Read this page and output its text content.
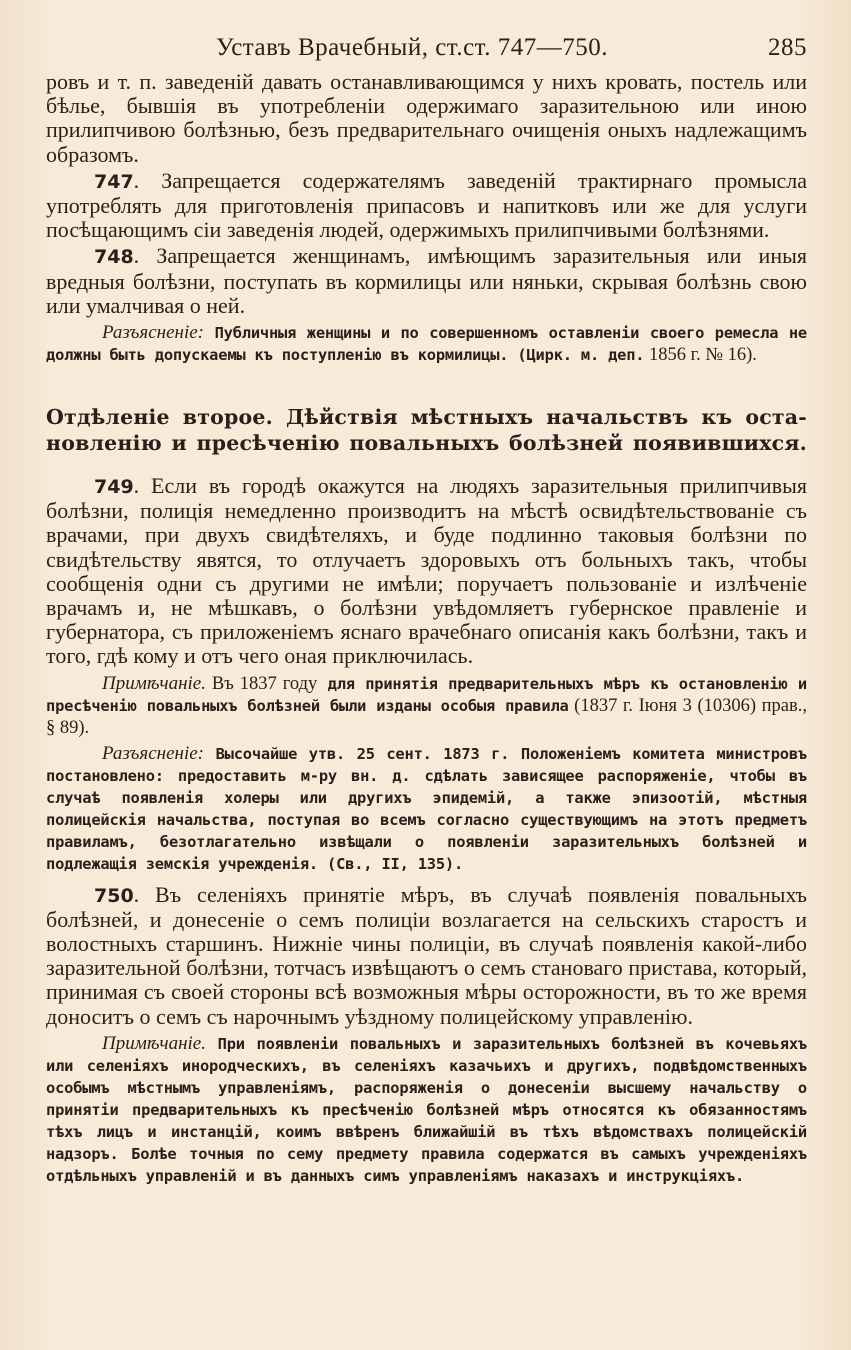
Уставъ Врачебный, ст.ст. 747—750.	285

ровъ и т. п. заведеній давать останавливающимся у нихъ кровать, постель или бѣлье, бывшія въ употребленіи одержимаго заразительною или иною прилипчивою болѣзнью, безъ предварительнаго очищенія оныхъ надлежащимъ образомъ.

747. Запрещается содержателямъ заведеній трактирнаго промысла употреблять для приготовленія припасовъ и напитковъ или же для услуги посѣщающимъ сіи заведенія людей, одержимыхъ прилипчивыми болѣзнями.

748. Запрещается женщинамъ, имѣющимъ заразительныя или иныя вредныя болѣзни, поступать въ кормилицы или няньки, скрывая болѣзнь свою или умалчивая о ней.

Разъясненіе: Публичныя женщины и по совершенномъ оставленіи своего ремесла не должны быть допускаемы къ поступленію въ кормилицы. (Цирк. м. деп. 1856 г. № 16).

Отдѣленіе второе. Дѣйствія мѣстныхъ начальствъ къ оста-
новленію и пресѣченію повальныхъ болѣзней появившихся.

749. Если въ городѣ окажутся на людяхъ заразительныя прилипчивыя болѣзни, полиція немедленно производитъ на мѣстѣ освидѣтельствованіе съ врачами, при двухъ свидѣтеляхъ, и буде подлинно таковыя болѣзни по свидѣтельству явятся, то отлучаетъ здоровыхъ отъ больныхъ такъ, чтобы сообщенія одни съ другими не имѣли; поручаетъ пользованіе и излѣченіе врачамъ и, не мѣшкавъ, о болѣзни увѣдомляетъ губернское правленіе и губернатора, съ приложеніемъ яснаго врачебнаго описанія какъ болѣзни, такъ и того, гдѣ кому и отъ чего оная приключилась.

Примѣчаніе. Въ 1837 году для принятія предварительныхъ мѣръ къ остановленію и пресѣченію повальныхъ болѣзней были изданы особыя правила (1837 г. Іюня 3 (10306) прав., § 89).

Разъясненіе: Высочайше утв. 25 сент. 1873 г. Положеніемъ комитета министровъ постановлено: предоставить м-ру вн. д. сдѣлать зависящее распоряженіе, чтобы въ случаѣ появленія холеры или другихъ эпидемій, а также эпизоотій, мѣстныя полицейскія начальства, поступая во всемъ согласно существующимъ на этотъ предметъ правиламъ, безотлагательно извѣщали о появленіи заразительныхъ болѣзней и подлежащія земскія учрежденія. (Св., II, 135).

750. Въ селеніяхъ принятіе мѣръ, въ случаѣ появленія повальныхъ болѣзней, и донесеніе о семъ полиціи возлагается на сельскихъ старостъ и волостныхъ старшинъ. Нижніе чины полиціи, въ случаѣ появленія какой-либо заразительной болѣзни, тотчасъ извѣщаютъ о семъ становаго пристава, который, принимая съ своей стороны всѣ возможныя мѣры осторожности, въ то же время доноситъ о семъ съ нарочнымъ уѣздному полицейскому управленію.

Примѣчаніе. При появленіи повальныхъ и заразительныхъ болѣзней въ кочевьяхъ или селеніяхъ инородческихъ, въ селеніяхъ казачьихъ и другихъ, подвѣдомственныхъ особымъ мѣстнымъ управленіямъ, распоряженія о донесеніи высшему начальству о принятіи предварительныхъ къ пресѣченію болѣзней мѣръ относятся къ обязанностямъ тѣхъ лицъ и инстанцій, коимъ ввѣренъ ближайшій въ тѣхъ вѣдомствахъ полицейскій надзоръ. Болѣе точныя по сему предмету правила содержатся въ самыхъ учрежденіяхъ отдѣльныхъ управленій и въ данныхъ симъ управленіямъ наказахъ и инструкціяхъ.
